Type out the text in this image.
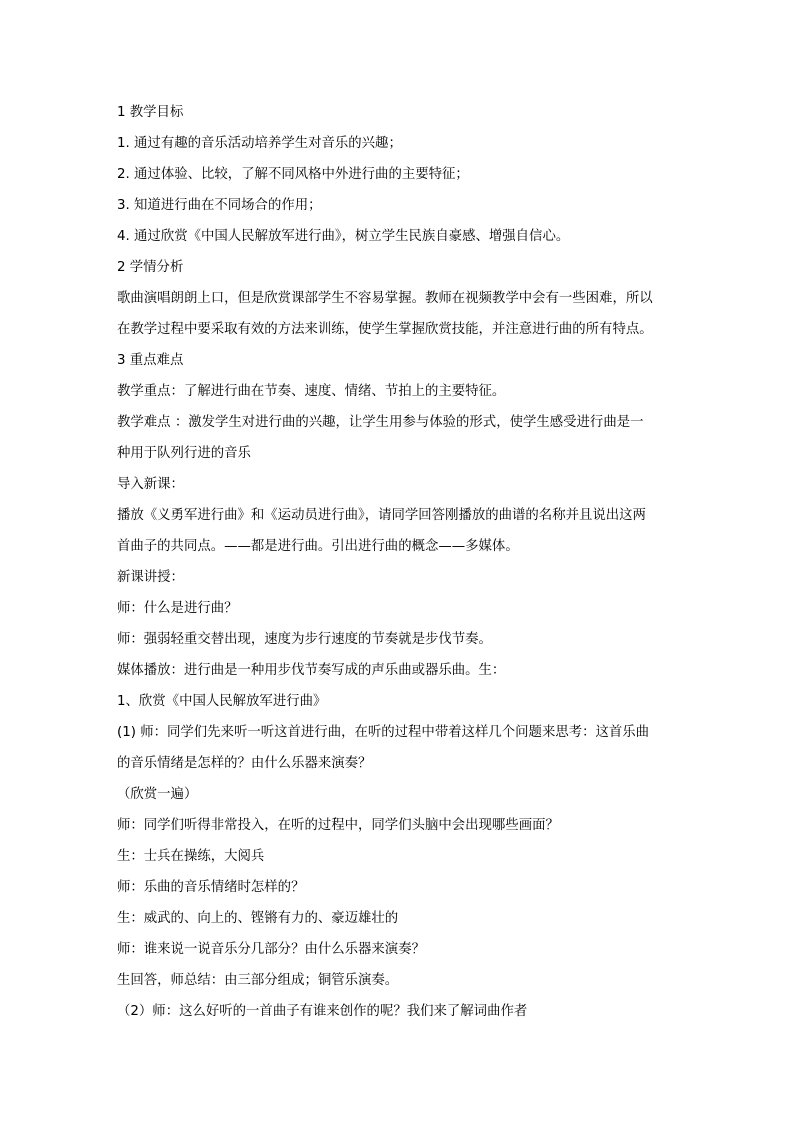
1 教学目标
1. 通过有趣的音乐活动培养学生对音乐的兴趣；
2. 通过体验、比较，了解不同风格中外进行曲的主要特征；
3. 知道进行曲在不同场合的作用；
4. 通过欣赏《中国人民解放军进行曲》，树立学生民族自豪感、增强自信心。
2 学情分析
歌曲演唱朗朗上口，但是欣赏课部学生不容易掌握。教师在视频教学中会有一些困难，所以
在教学过程中要采取有效的方法来训练，使学生掌握欣赏技能，并注意进行曲的所有特点。
3 重点难点
教学重点：了解进行曲在节奏、速度、情绪、节拍上的主要特征。
教学难点 ：激发学生对进行曲的兴趣，让学生用参与体验的形式，使学生感受进行曲是一
种用于队列行进的音乐
导入新课：
播放《义勇军进行曲》和《运动员进行曲》，请同学回答刚播放的曲谱的名称并且说出这两
首曲子的共同点。——都是进行曲。引出进行曲的概念——多媒体。
新课讲授：
师：什么是进行曲？
师：强弱轻重交替出现，速度为步行速度的节奏就是步伐节奏。
媒体播放：进行曲是一种用步伐节奏写成的声乐曲或器乐曲。生：
1、欣赏《中国人民解放军进行曲》
(1) 师：同学们先来听一听这首进行曲，在听的过程中带着这样几个问题来思考：这首乐曲
的音乐情绪是怎样的？由什么乐器来演奏？
（欣赏一遍）
师：同学们听得非常投入，在听的过程中，同学们头脑中会出现哪些画面？
生：士兵在操练，大阅兵
师：乐曲的音乐情绪时怎样的？
生：威武的、向上的、铿锵有力的、豪迈雄壮的
师：谁来说一说音乐分几部分？由什么乐器来演奏？
生回答，师总结：由三部分组成；铜管乐演奏。
（2）师：这么好听的一首曲子有谁来创作的呢？我们来了解词曲作者
